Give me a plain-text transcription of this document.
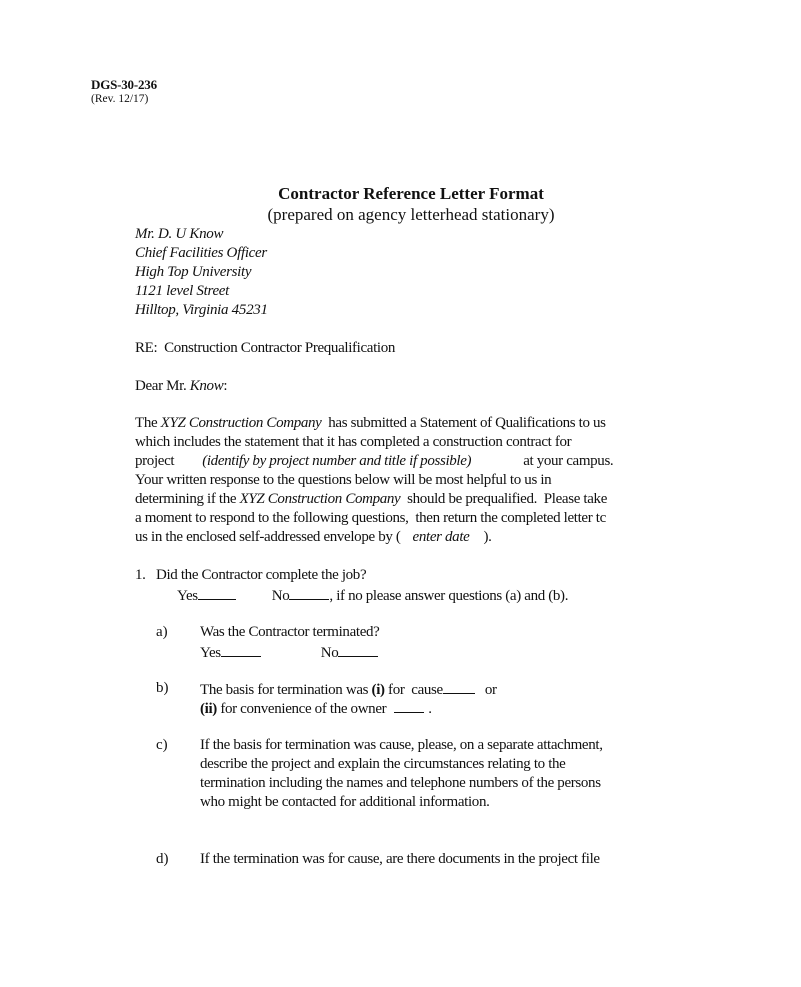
DGS-30-236
(Rev. 12/17)
Contractor Reference Letter Format
(prepared on agency letterhead stationary)
Mr. D. U Know
Chief Facilities Officer
High Top University
1121 level Street
Hilltop, Virginia 45231
RE:  Construction Contractor Prequalification
Dear Mr. Know:
The XYZ Construction Company  has submitted a Statement of Qualifications to us
which includes the statement that it has completed a construction contract for
project (identify by project number and title if possible)	at your campus.
Your written response to the questions below will be most helpful to us in
determining if the XYZ Construction Company  should be prequalified.  Please take
a moment to respond to the following questions,  then return the completed letter tc
us in the enclosed self-addressed envelope by ( enter date ).
1. Did the Contractor complete the job?
Yes	No	, if no please answer questions (a) and (b).
a) Was the Contractor terminated?
Yes	No
b) The basis for termination was (i) for  cause	or
(ii) for convenience of the owner	.
c) If the basis for termination was cause, please, on a separate attachment,
describe the project and explain the circumstances relating to the
termination including the names and telephone numbers of the persons
who might be contacted for additional information.
d) If the termination was for cause, are there documents in the project file
